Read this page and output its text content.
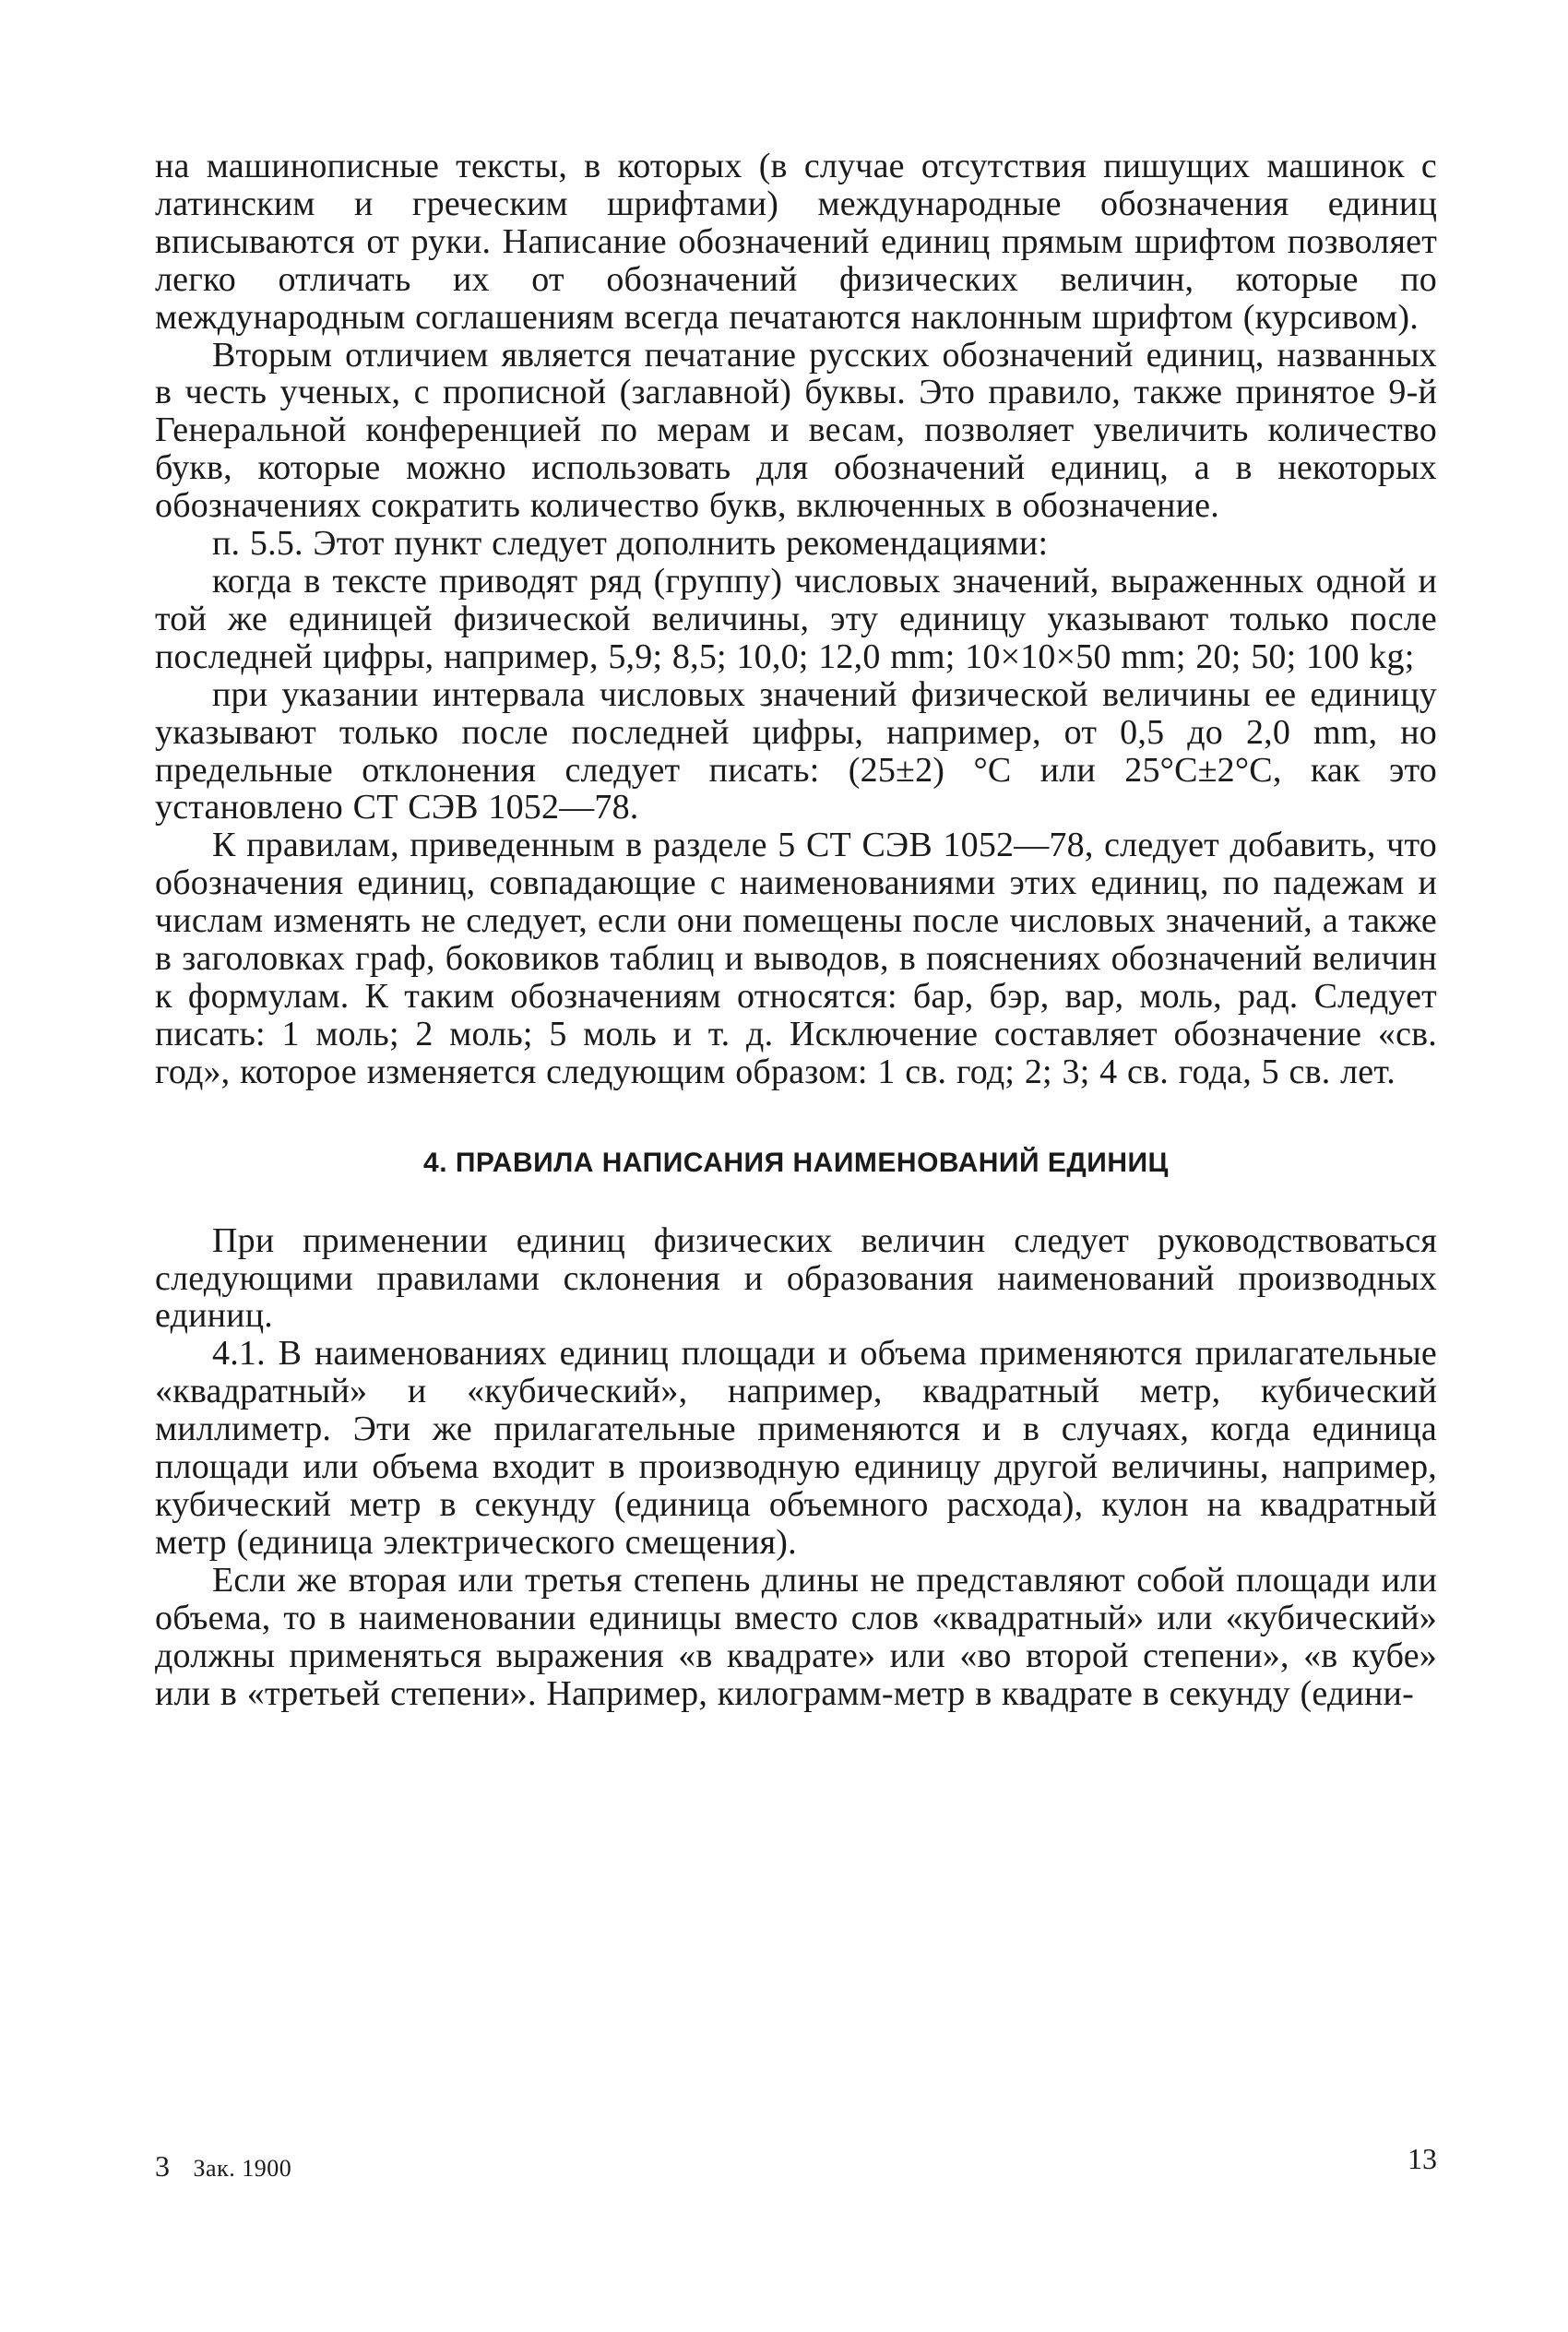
на машинописные тексты, в которых (в случае отсутствия пишущих машинок с латинским и греческим шрифтами) международные обозначения единиц вписываются от руки. Написание обозначений единиц прямым шрифтом позволяет легко отличать их от обозначений физических величин, которые по международным соглашениям всегда печатаются наклонным шрифтом (курсивом).

Вторым отличием является печатание русских обозначений единиц, названных в честь ученых, с прописной (заглавной) буквы. Это правило, также принятое 9-й Генеральной конференцией по мерам и весам, позволяет увеличить количество букв, которые можно использовать для обозначений единиц, а в некоторых обозначениях сократить количество букв, включенных в обозначение.

п. 5.5. Этот пункт следует дополнить рекомендациями:

когда в тексте приводят ряд (группу) числовых значений, выраженных одной и той же единицей физической величины, эту единицу указывают только после последней цифры, например, 5,9; 8,5; 10,0; 12,0 mm; 10×10×50 mm; 20; 50; 100 kg;

при указании интервала числовых значений физической величины ее единицу указывают только после последней цифры, например, от 0,5 до 2,0 mm, но предельные отклонения следует писать: (25±2) °С или 25°С±2°С, как это установлено СТ СЭВ 1052—78.

К правилам, приведенным в разделе 5 СТ СЭВ 1052—78, следует добавить, что обозначения единиц, совпадающие с наименованиями этих единиц, по падежам и числам изменять не следует, если они помещены после числовых значений, а также в заголовках граф, боковиков таблиц и выводов, в пояснениях обозначений величин к формулам. К таким обозначениям относятся: бар, бэр, вар, моль, рад. Следует писать: 1 моль; 2 моль; 5 моль и т. д. Исключение составляет обозначение «св. год», которое изменяется следующим образом: 1 св. год; 2; 3; 4 св. года, 5 св. лет.

4. ПРАВИЛА НАПИСАНИЯ НАИМЕНОВАНИЙ ЕДИНИЦ

При применении единиц физических величин следует руководствоваться следующими правилами склонения и образования наименований производных единиц.

4.1. В наименованиях единиц площади и объема применяются прилагательные «квадратный» и «кубический», например, квадратный метр, кубический миллиметр. Эти же прилагательные применяются и в случаях, когда единица площади или объема входит в производную единицу другой величины, например, кубический метр в секунду (единица объемного расхода), кулон на квадратный метр (единица электрического смещения).

Если же вторая или третья степень длины не представляют собой площади или объема, то в наименовании единицы вместо слов «квадратный» или «кубический» должны применяться выражения «в квадрате» или «во второй степени», «в кубе» или в «третьей степени». Например, килограмм-метр в квадрате в секунду (едини-

3 Зак. 1900	13
